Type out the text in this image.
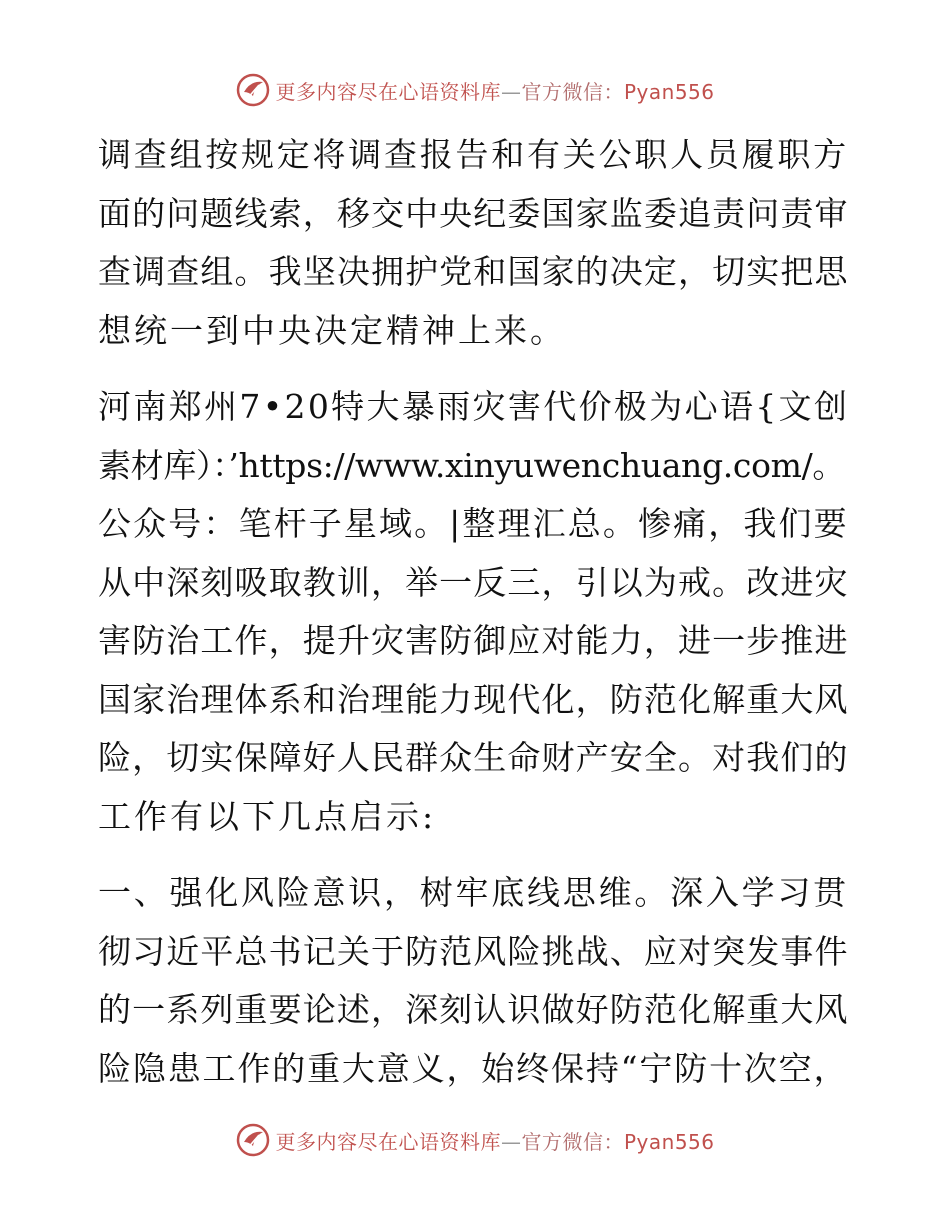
更多内容尽在心语资料库—官方微信：Pyan556

调查组按规定将调查报告和有关公职人员履职方
面的问题线索，移交中央纪委国家监委追责问责审
查调查组。我坚决拥护党和国家的决定，切实把思
想统一到中央决定精神上来。

河南郑州7•20特大暴雨灾害代价极为心语{文创
素材库）：’https://www.xinyuwenchuang.com/。
公众号：笔杆子星域。|整理汇总。惨痛，我们要
从中深刻吸取教训，举一反三，引以为戒。改进灾
害防治工作，提升灾害防御应对能力，进一步推进
国家治理体系和治理能力现代化，防范化解重大风
险，切实保障好人民群众生命财产安全。对我们的
工作有以下几点启示:

一、强化风险意识，树牢底线思维。深入学习贯
彻习近平总书记关于防范风险挑战、应对突发事件
的一系列重要论述，深刻认识做好防范化解重大风
险隐患工作的重大意义，始终保持“宁防十次空，

更多内容尽在心语资料库—官方微信：Pyan556
